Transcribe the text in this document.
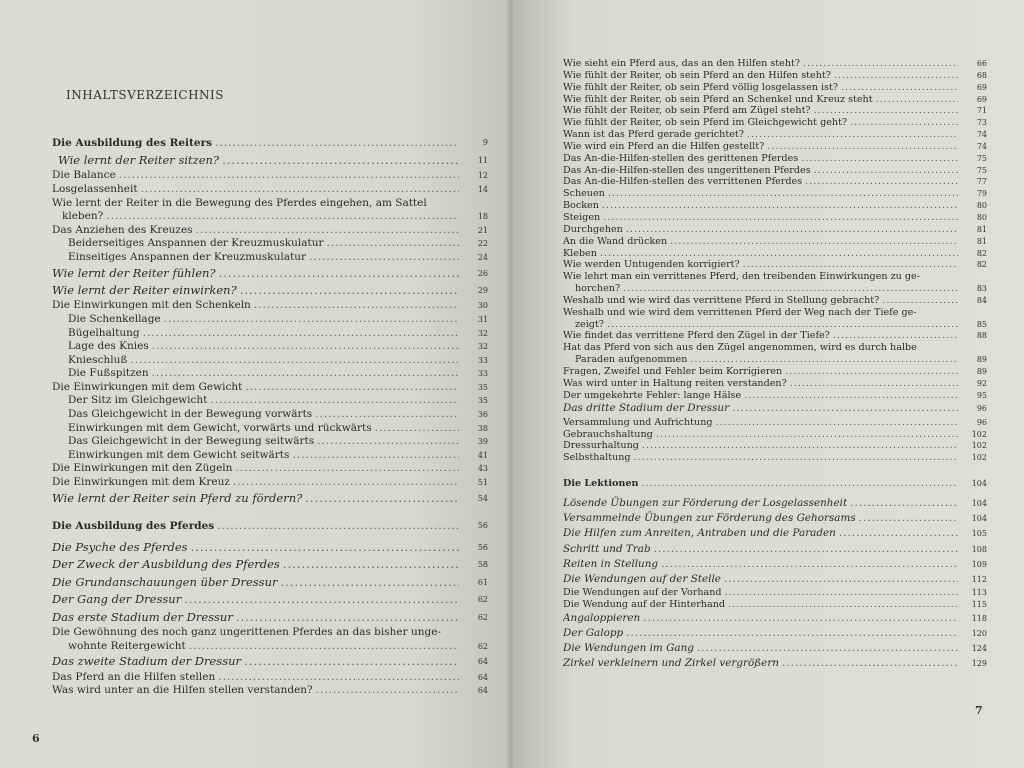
INHALTSVERZEICHNIS
Die Ausbildung des Reiters .....	9
Wie lernt der Reiter sitzen? .....	11
Die Balance .....	12
Losgelassenheit .....	14
Wie lernt der Reiter in die Bewegung des Pferdes eingehen, am Sattel
kleben? .....	18
Das Anziehen des Kreuzes .....	21
Beiderseitiges Anspannen der Kreuzmuskulatur .....	22
Einseitiges Anspannen der Kreuzmuskulatur .....	24
Wie lernt der Reiter fühlen? .....	26
Wie lernt der Reiter einwirken? .....	29
Die Einwirkungen mit den Schenkeln .....	30
Die Schenkellage .....	31
Bügelhaltung .....	32
Lage des Knies .....	32
Knieschluß .....	33
Die Fußspitzen .....	33
Die Einwirkungen mit dem Gewicht .....	35
Der Sitz im Gleichgewicht .....	35
Das Gleichgewicht in der Bewegung vorwärts .....	36
Einwirkungen mit dem Gewicht, vorwärts und rückwärts .....	38
Das Gleichgewicht in der Bewegung seitwärts .....	39
Einwirkungen mit dem Gewicht seitwärts .....	41
Die Einwirkungen mit den Zügeln .....	43
Die Einwirkungen mit dem Kreuz .....	51
Wie lernt der Reiter sein Pferd zu fördern? .....	54
Die Ausbildung des Pferdes .....	56
Die Psyche des Pferdes .....	56
Der Zweck der Ausbildung des Pferdes .....	58
Die Grundanschauungen über Dressur .....	61
Der Gang der Dressur .....	62
Das erste Stadium der Dressur .....	62
Die Gewöhnung des noch ganz ungerittenen Pferdes an das bisher unge-
wohnte Reitergewicht .....	62
Das zweite Stadium der Dressur .....	64
Das Pferd an die Hilfen stellen .....	64
Was wird unter an die Hilfen stellen verstanden? .....	64
6
Wie sieht ein Pferd aus, das an den Hilfen steht? .....	66
Wie fühlt der Reiter, ob sein Pferd an den Hilfen steht? .....	68
Wie fühlt der Reiter, ob sein Pferd völlig losgelassen ist? .....	69
Wie fühlt der Reiter, ob sein Pferd an Schenkel und Kreuz steht .....	69
Wie fühlt der Reiter, ob sein Pferd am Zügel steht? .....	71
Wie fühlt der Reiter, ob sein Pferd im Gleichgewicht geht? .....	73
Wann ist das Pferd gerade gerichtet? .....	74
Wie wird ein Pferd an die Hilfen gestellt? .....	74
Das An-die-Hilfen-stellen des gerittenen Pferdes .....	75
Das An-die-Hilfen-stellen des ungerittenen Pferdes .....	75
Das An-die-Hilfen-stellen des verrittenen Pferdes .....	77
Scheuen .....	79
Bocken .....	80
Steigen .....	80
Durchgehen .....	81
An die Wand drücken .....	81
Kleben .....	82
Wie werden Untugenden korrigiert? .....	82
Wie lehrt man ein verrittenes Pferd, den treibenden Einwirkungen zu ge-
horchen? .....	83
Weshalb und wie wird das verrittene Pferd in Stellung gebracht? .....	84
Weshalb und wie wird dem verrittenen Pferd der Weg nach der Tiefe ge-
zeigt? .....	85
Wie findet das verrittene Pferd den Zügel in der Tiefe? .....	88
Hat das Pferd von sich aus den Zügel angenommen, wird es durch halbe
Paraden aufgenommen .....	89
Fragen, Zweifel und Fehler beim Korrigieren .....	89
Was wird unter in Haltung reiten verstanden? .....	92
Der umgekehrte Fehler: lange Hälse .....	95
Das dritte Stadium der Dressur .....	96
Versammlung und Aufrichtung .....	96
Gebrauchshaltung .....	102
Dressurhaltung .....	102
Selbsthaltung .....	102
Die Lektionen .....	104
Lösende Übungen zur Förderung der Losgelassenheit .....	104
Versammelnde Übungen zur Förderung des Gehorsams .....	104
Die Hilfen zum Anreiten, Antraben und die Paraden .....	105
Schritt und Trab .....	108
Reiten in Stellung .....	109
Die Wendungen auf der Stelle .....	112
Die Wendungen auf der Vorhand .....	113
Die Wendung auf der Hinterhand .....	115
Angaloppieren .....	118
Der Galopp .....	120
Die Wendungen im Gang .....	124
Zirkel verkleinern und Zirkel vergrößern .....	129
7
